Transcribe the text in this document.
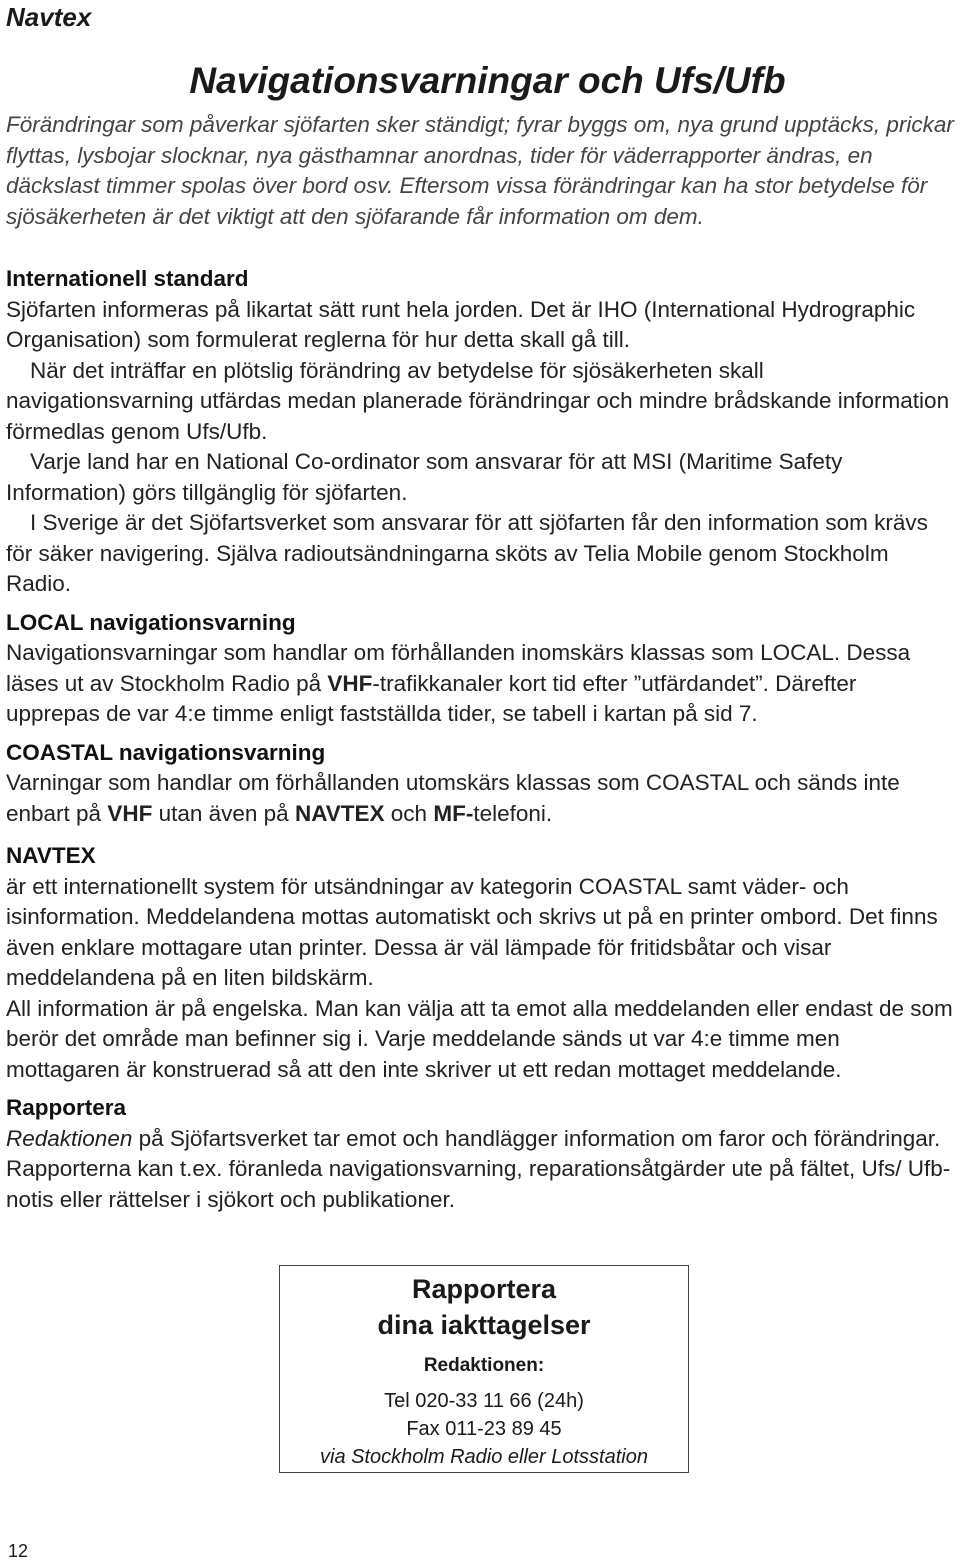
Navtex
Navigationsvarningar och Ufs/Ufb
Förändringar som påverkar sjöfarten sker ständigt; fyrar byggs om, nya grund upptäcks, prickar flyttas, lysbojar slocknar, nya gästhamnar anordnas, tider för väderrapporter ändras, en däckslast timmer spolas över bord osv. Eftersom vissa förändringar kan ha stor betydelse för sjösäkerheten är det viktigt att den sjöfarande får information om dem.

Internationell standard

Sjöfarten informeras på likartat sätt runt hela jorden. Det är IHO (International Hydrographic Organisation) som formulerat reglerna för hur detta skall gå till.

När det inträffar en plötslig förändring av betydelse för sjösäkerheten skall navigationsvarning utfärdas medan planerade förändringar och mindre brådskande information förmedlas genom Ufs/Ufb.

Varje land har en National Co-ordinator som ansvarar för att MSI (Maritime Safety Information) görs tillgänglig för sjöfarten.

I Sverige är det Sjöfartsverket som ansvarar för att sjöfarten får den information som krävs för säker navigering. Själva radioutsändningarna sköts av Telia Mobile genom Stockholm Radio.

LOCAL navigationsvarning

Navigationsvarningar som handlar om förhållanden inomskärs klassas som LOCAL. Dessa läses ut av Stockholm Radio på VHF-trafikkanaler kort tid efter ”utfärdandet”. Därefter upprepas de var 4:e timme enligt fastställda tider, se tabell i kartan på sid 7.

COASTAL navigationsvarning

Varningar som handlar om förhållanden utomskärs klassas som COASTAL och sänds inte enbart på VHF utan även på NAVTEX och MF-telefoni.

NAVTEX

är ett internationellt system för utsändningar av kategorin COASTAL samt väder- och isinformation. Meddelandena mottas automatiskt och skrivs ut på en printer ombord. Det finns även enklare mottagare utan printer. Dessa är väl lämpade för fritidsbåtar och visar meddelandena på en liten bildskärm.

All information är på engelska. Man kan välja att ta emot alla meddelanden eller endast de som berör det område man befinner sig i. Varje meddelande sänds ut var 4:e timme men mottagaren är konstruerad så att den inte skriver ut ett redan mottaget meddelande.

Rapportera

Redaktionen på Sjöfartsverket tar emot och handlägger information om faror och förändringar. Rapporterna kan t.ex. föranleda navigationsvarning, reparationsåtgärder ute på fältet, Ufs/ Ufb-notis eller rättelser i sjökort och publikationer.

Rapportera
dina iakttagelser
Redaktionen:
Tel 020-33 11 66 (24h)
Fax 011-23 89 45
via Stockholm Radio eller Lotsstation
12
